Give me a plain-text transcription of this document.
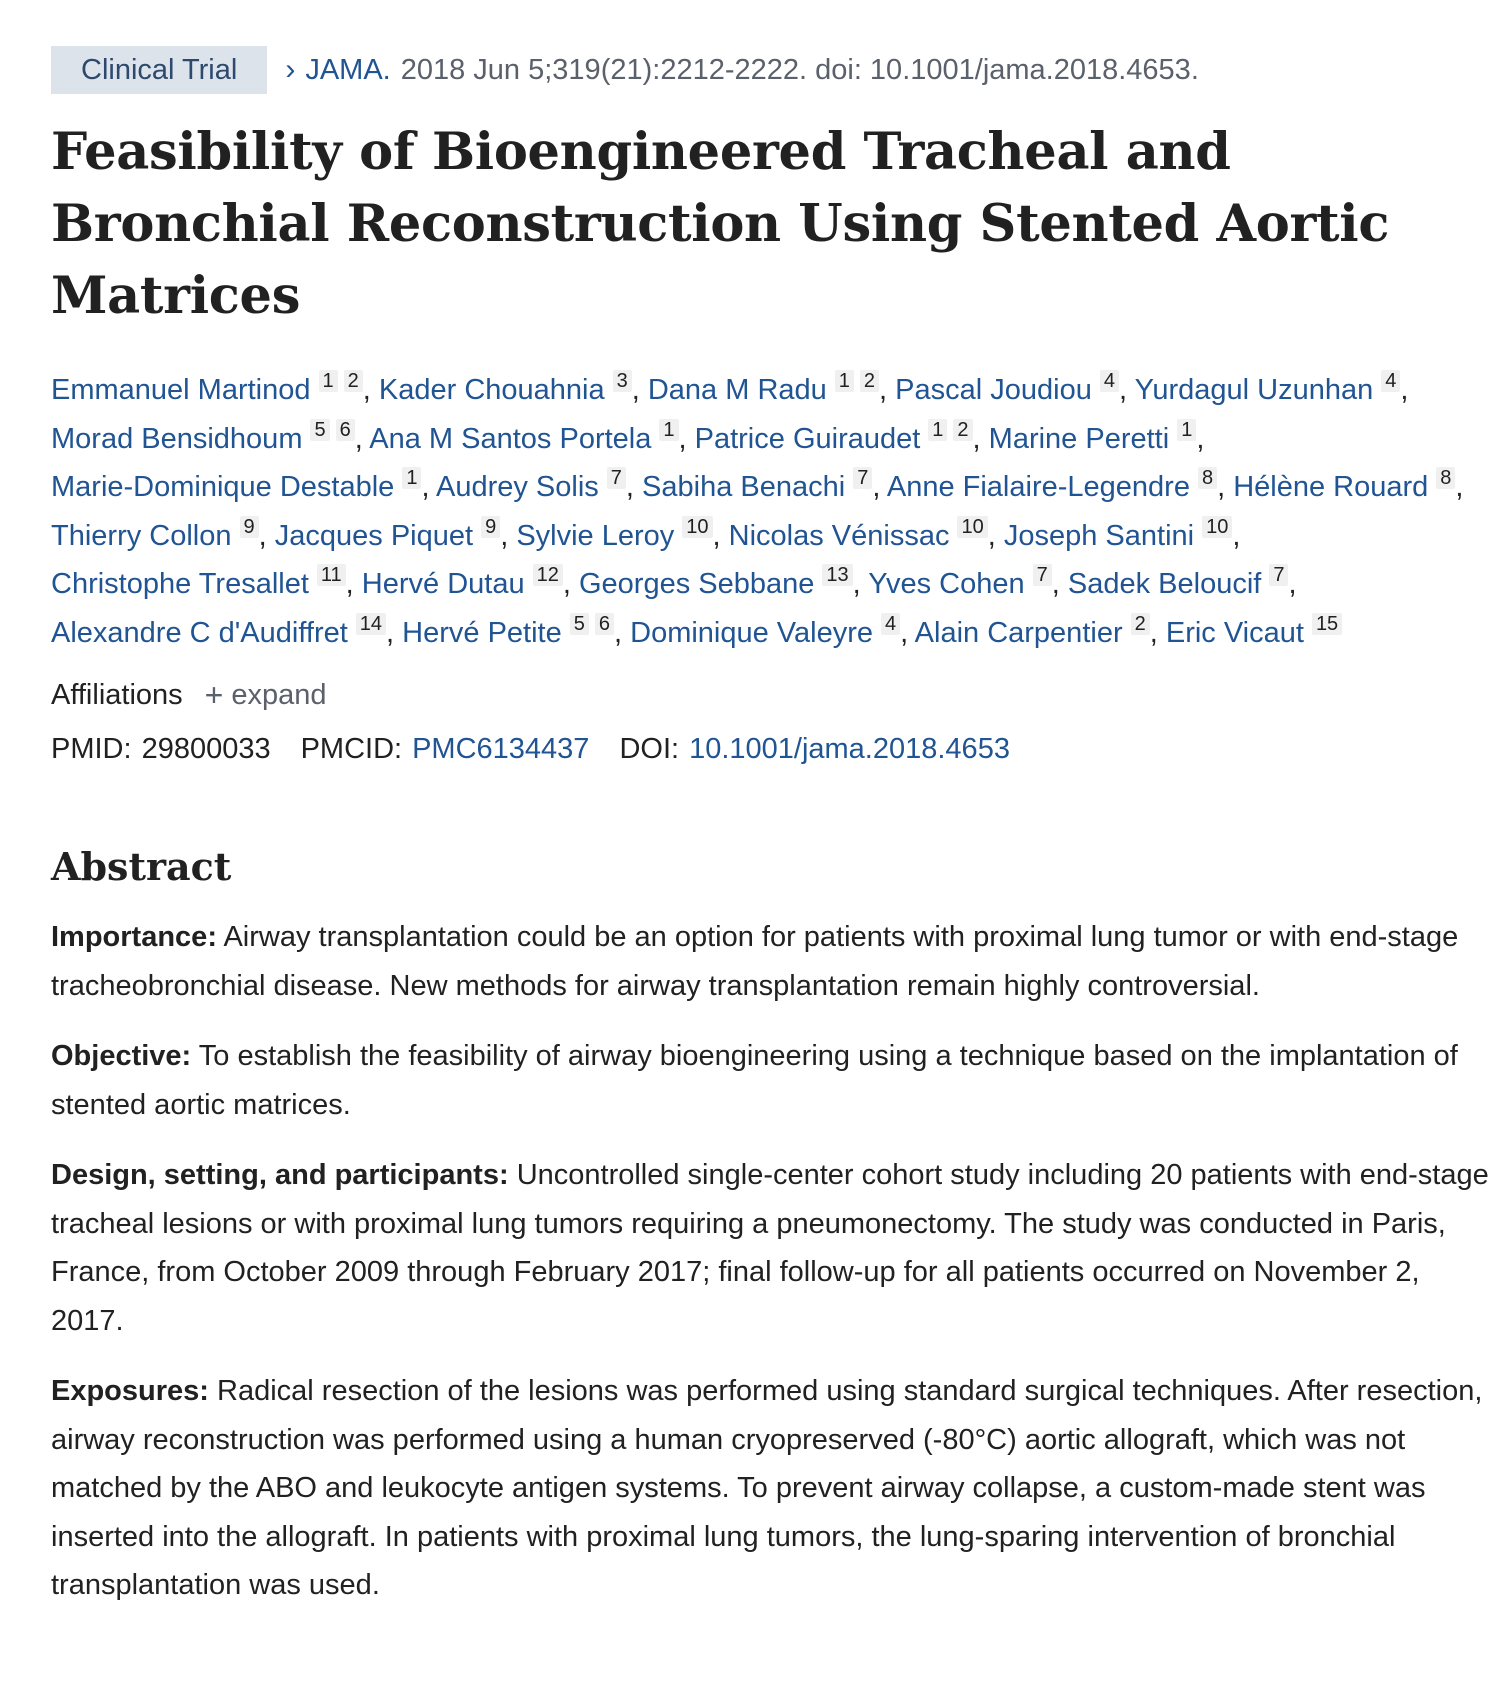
Clinical Trial	› JAMA. 2018 Jun 5;319(21):2212-2222. doi: 10.1001/jama.2018.4653.
Feasibility of Bioengineered Tracheal and Bronchial Reconstruction Using Stented Aortic Matrices
Emmanuel Martinod 1 2 , Kader Chouahnia 3 , Dana M Radu 1 2 , Pascal Joudiou 4 , Yurdagul Uzunhan 4 , Morad Bensidhoum 5 6 , Ana M Santos Portela 1 , Patrice Guiraudet 1 2 , Marine Peretti 1 , Marie-Dominique Destable 1 , Audrey Solis 7 , Sabiha Benachi 7 , Anne Fialaire-Legendre 8 , Hélène Rouard 8 , Thierry Collon 9 , Jacques Piquet 9 , Sylvie Leroy 10 , Nicolas Vénissac 10 , Joseph Santini 10 , Christophe Tresallet 11 , Hervé Dutau 12 , Georges Sebbane 13 , Yves Cohen 7 , Sadek Beloucif 7 , Alexandre C d'Audiffret 14 , Hervé Petite 5 6 , Dominique Valeyre 4 , Alain Carpentier 2 , Eric Vicaut 15
Affiliations + expand
PMID: 29800033 PMCID: PMC6134437 DOI: 10.1001/jama.2018.4653
Abstract

Importance: Airway transplantation could be an option for patients with proximal lung tumor or with end-stage tracheobronchial disease. New methods for airway transplantation remain highly controversial.

Objective: To establish the feasibility of airway bioengineering using a technique based on the implantation of stented aortic matrices.

Design, setting, and participants: Uncontrolled single-center cohort study including 20 patients with end-stage tracheal lesions or with proximal lung tumors requiring a pneumonectomy. The study was conducted in Paris, France, from October 2009 through February 2017; final follow-up for all patients occurred on November 2, 2017.

Exposures: Radical resection of the lesions was performed using standard surgical techniques. After resection, airway reconstruction was performed using a human cryopreserved (-80°C) aortic allograft, which was not matched by the ABO and leukocyte antigen systems. To prevent airway collapse, a custom-made stent was inserted into the allograft. In patients with proximal lung tumors, the lung-sparing intervention of bronchial transplantation was used.
